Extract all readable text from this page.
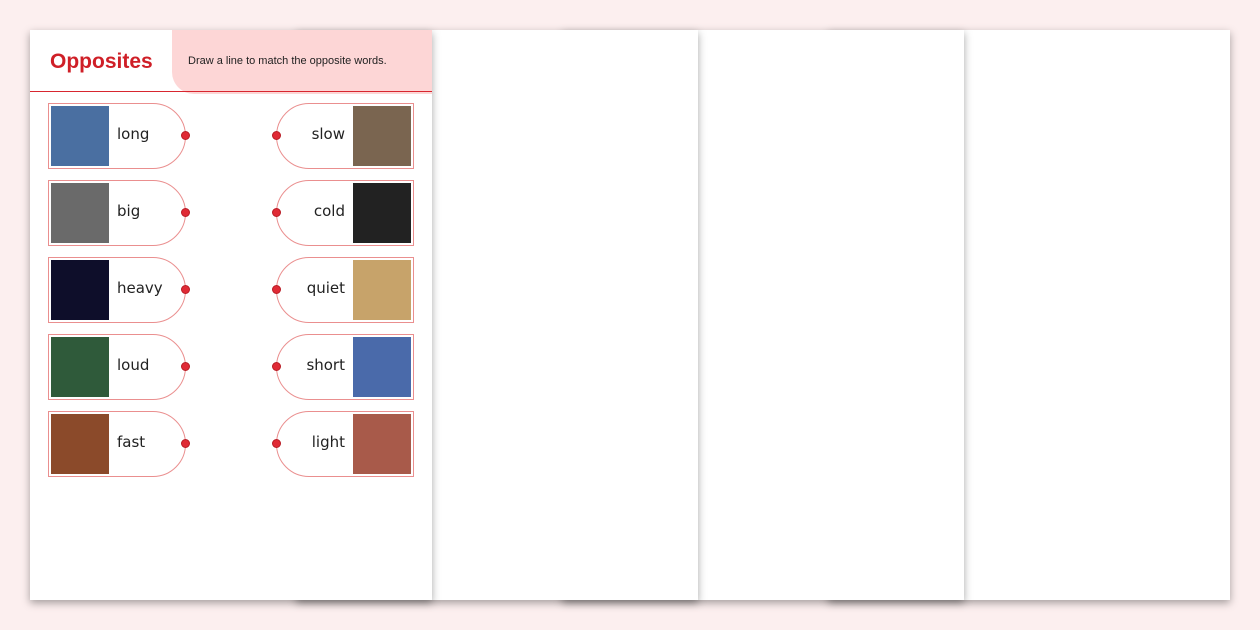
Opposites	Draw a line to match the opposite words.
long	slow
big	cold
heavy	quiet
loud	short
fast	light
